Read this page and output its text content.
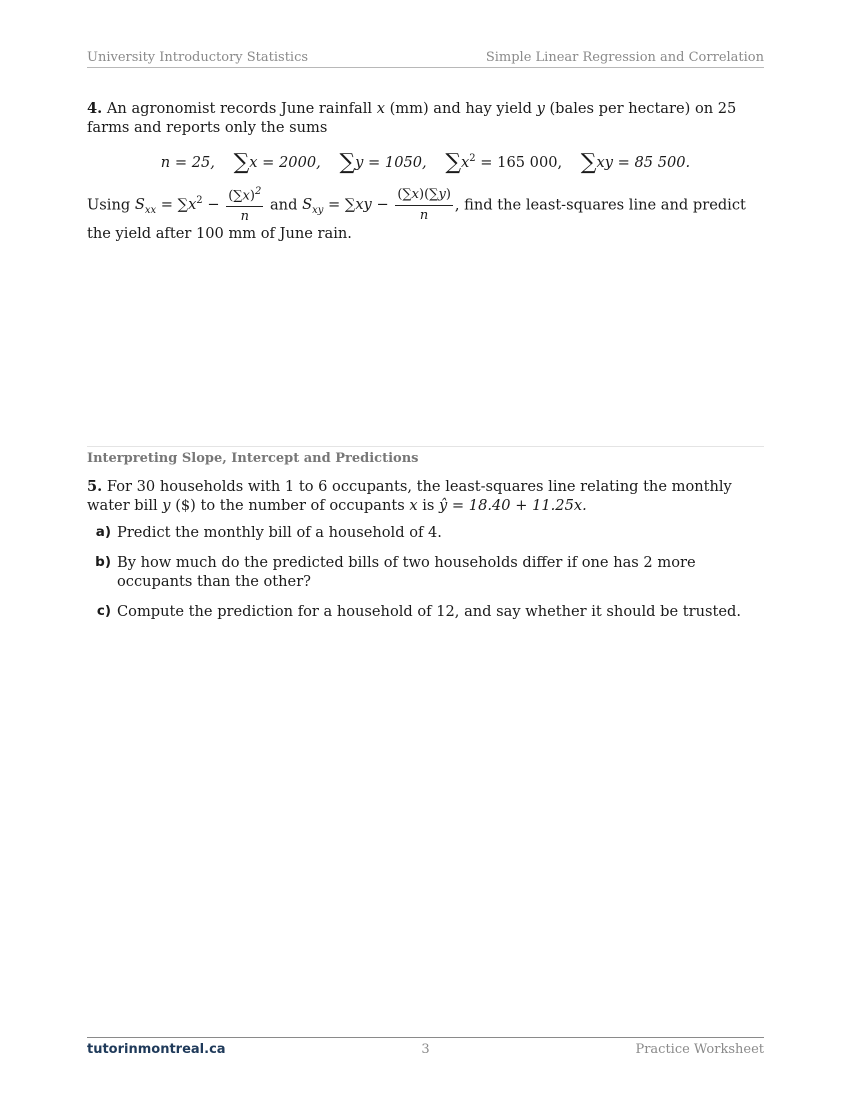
University Introductory Statistics	Simple Linear Regression and Correlation
4. An agronomist records June rainfall x (mm) and hay yield y (bales per hectare) on 25 farms and reports only the sums
n = 25, ∑x = 2000, ∑y = 1050, $\sum x^2 = 165$ 000, ∑xy = 85 500.
Using $S_{xx} = \sum x^2 - \frac{(\sum x)^2}{n}$ and $S_{xy} = \sum xy - \frac{(\sum x)(\sum y)}{n}$ , find the least-squares line and predict the yield after 100 mm of June rain.
Interpreting Slope, Intercept and Predictions
5. For 30 households with 1 to 6 occupants, the least-squares line relating the monthly water bill y ($) to the number of occupants x is ŷ = 18.40 + 11.25x.
a) Predict the monthly bill of a household of 4.
b) By how much do the predicted bills of two households differ if one has 2 more occupants than the other?
c) Compute the prediction for a household of 12, and say whether it should be trusted.
tutorinmontreal.ca	3	Practice Worksheet
